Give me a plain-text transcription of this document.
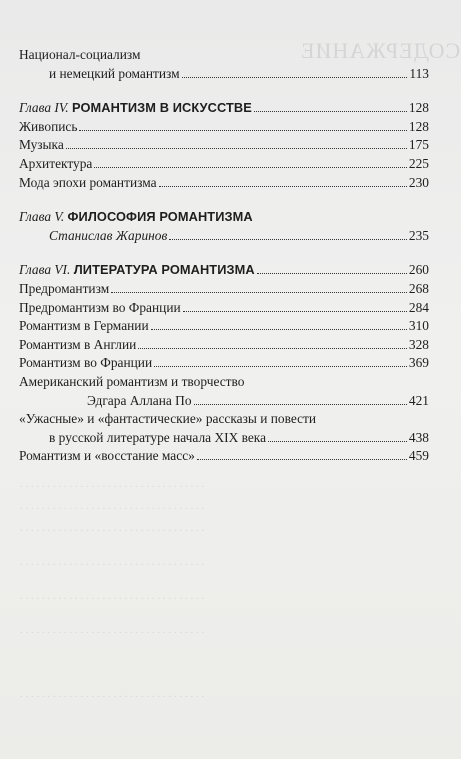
СОДЕРЖАНИЕ
. . . . . . . . . . . . . . . . . . . . . . . .
. . . . . . . . . . . . . . . . . . . . . . . . . . . . . . . . . .
. . . . . . . . . . . . . . . . . . . . . . . . . . . . . . . . . .
. . . . . . . . . . . . . . . . . . . . . . . . . . . . . . . . . .
. . . . . . . . . . . . . . . . . . . . . . . . . . . . . . . . . .
. . . . . . . . . . . . . . . . . . . . . . . . . . . . . . . . . .
. . . . . . . . . . . . . . . . . . . . . . . . . . . . . . . . . .
. . . . . . . . . . . . . . . . . . . . . . . . . . . . . . . . . .
Национал-социализм
и немецкий романтизм	113
Глава IV. РОМАНТИЗМ В ИСКУССТВЕ	128
Живопись	128
Музыка	175
Архитектура	225
Мода эпохи романтизма	230
Глава V. ФИЛОСОФИЯ РОМАНТИЗМА
Станислав Жаринов	235
Глава VI. ЛИТЕРАТУРА РОМАНТИЗМА	260
Предромантизм	268
Предромантизм во Франции	284
Романтизм в Германии	310
Романтизм в Англии	328
Романтизм во Франции	369
Американский романтизм и творчество
Эдгара Аллана По	421
«Ужасные» и «фантастические» рассказы и повести
в русской литературе начала XIX века	438
Романтизм и «восстание масс»	459
